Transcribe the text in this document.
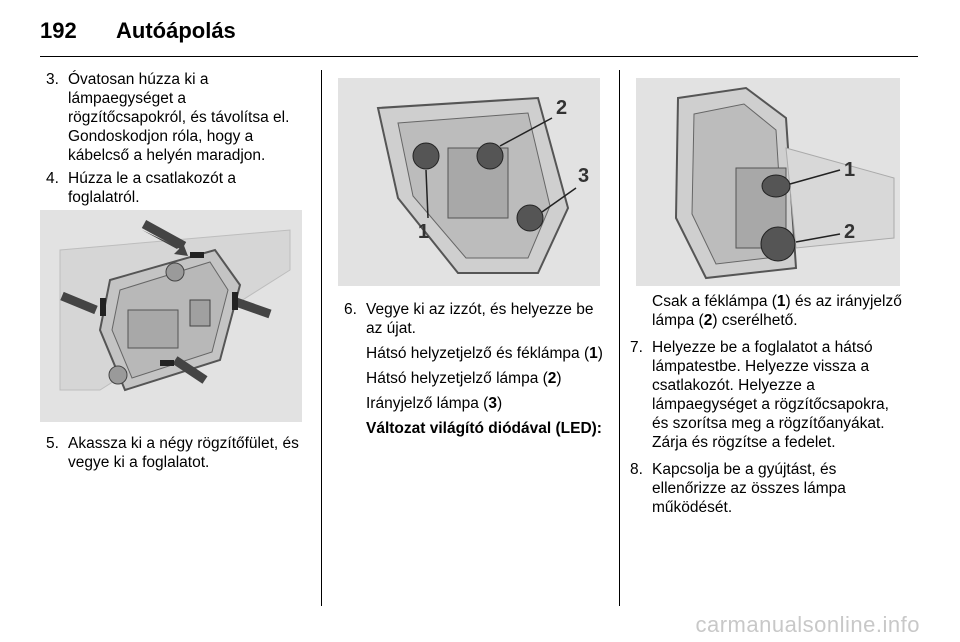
192 Autóápolás

3. Óvatosan húzza ki a lámpaegységet a rögzítőcsapokról, és távolítsa el. Gondoskodjon róla, hogy a kábelcső a helyén maradjon.

4. Húzza le a csatlakozót a foglalatról.

5. Akassza ki a négy rögzítőfület, és vegye ki a foglalatot.

1
2
3

6. Vegye ki az izzót, és helyezze be az újat.

Hátsó helyzetjelző és féklámpa (1)

Hátsó helyzetjelző lámpa (2)

Irányjelző lámpa (3)

Változat világító diódával (LED):

1
2

Csak a féklámpa (1) és az irányjelző lámpa (2) cserélhető.

7. Helyezze be a foglalatot a hátsó lámpatestbe. Helyezze vissza a csatlakozót. Helyezze a lámpaegységet a rögzítőcsapokra, és szorítsa meg a rögzítőanyákat. Zárja és rögzítse a fedelet.

8. Kapcsolja be a gyújtást, és ellenőrizze az összes lámpa működését.

carmanualsonline.info
